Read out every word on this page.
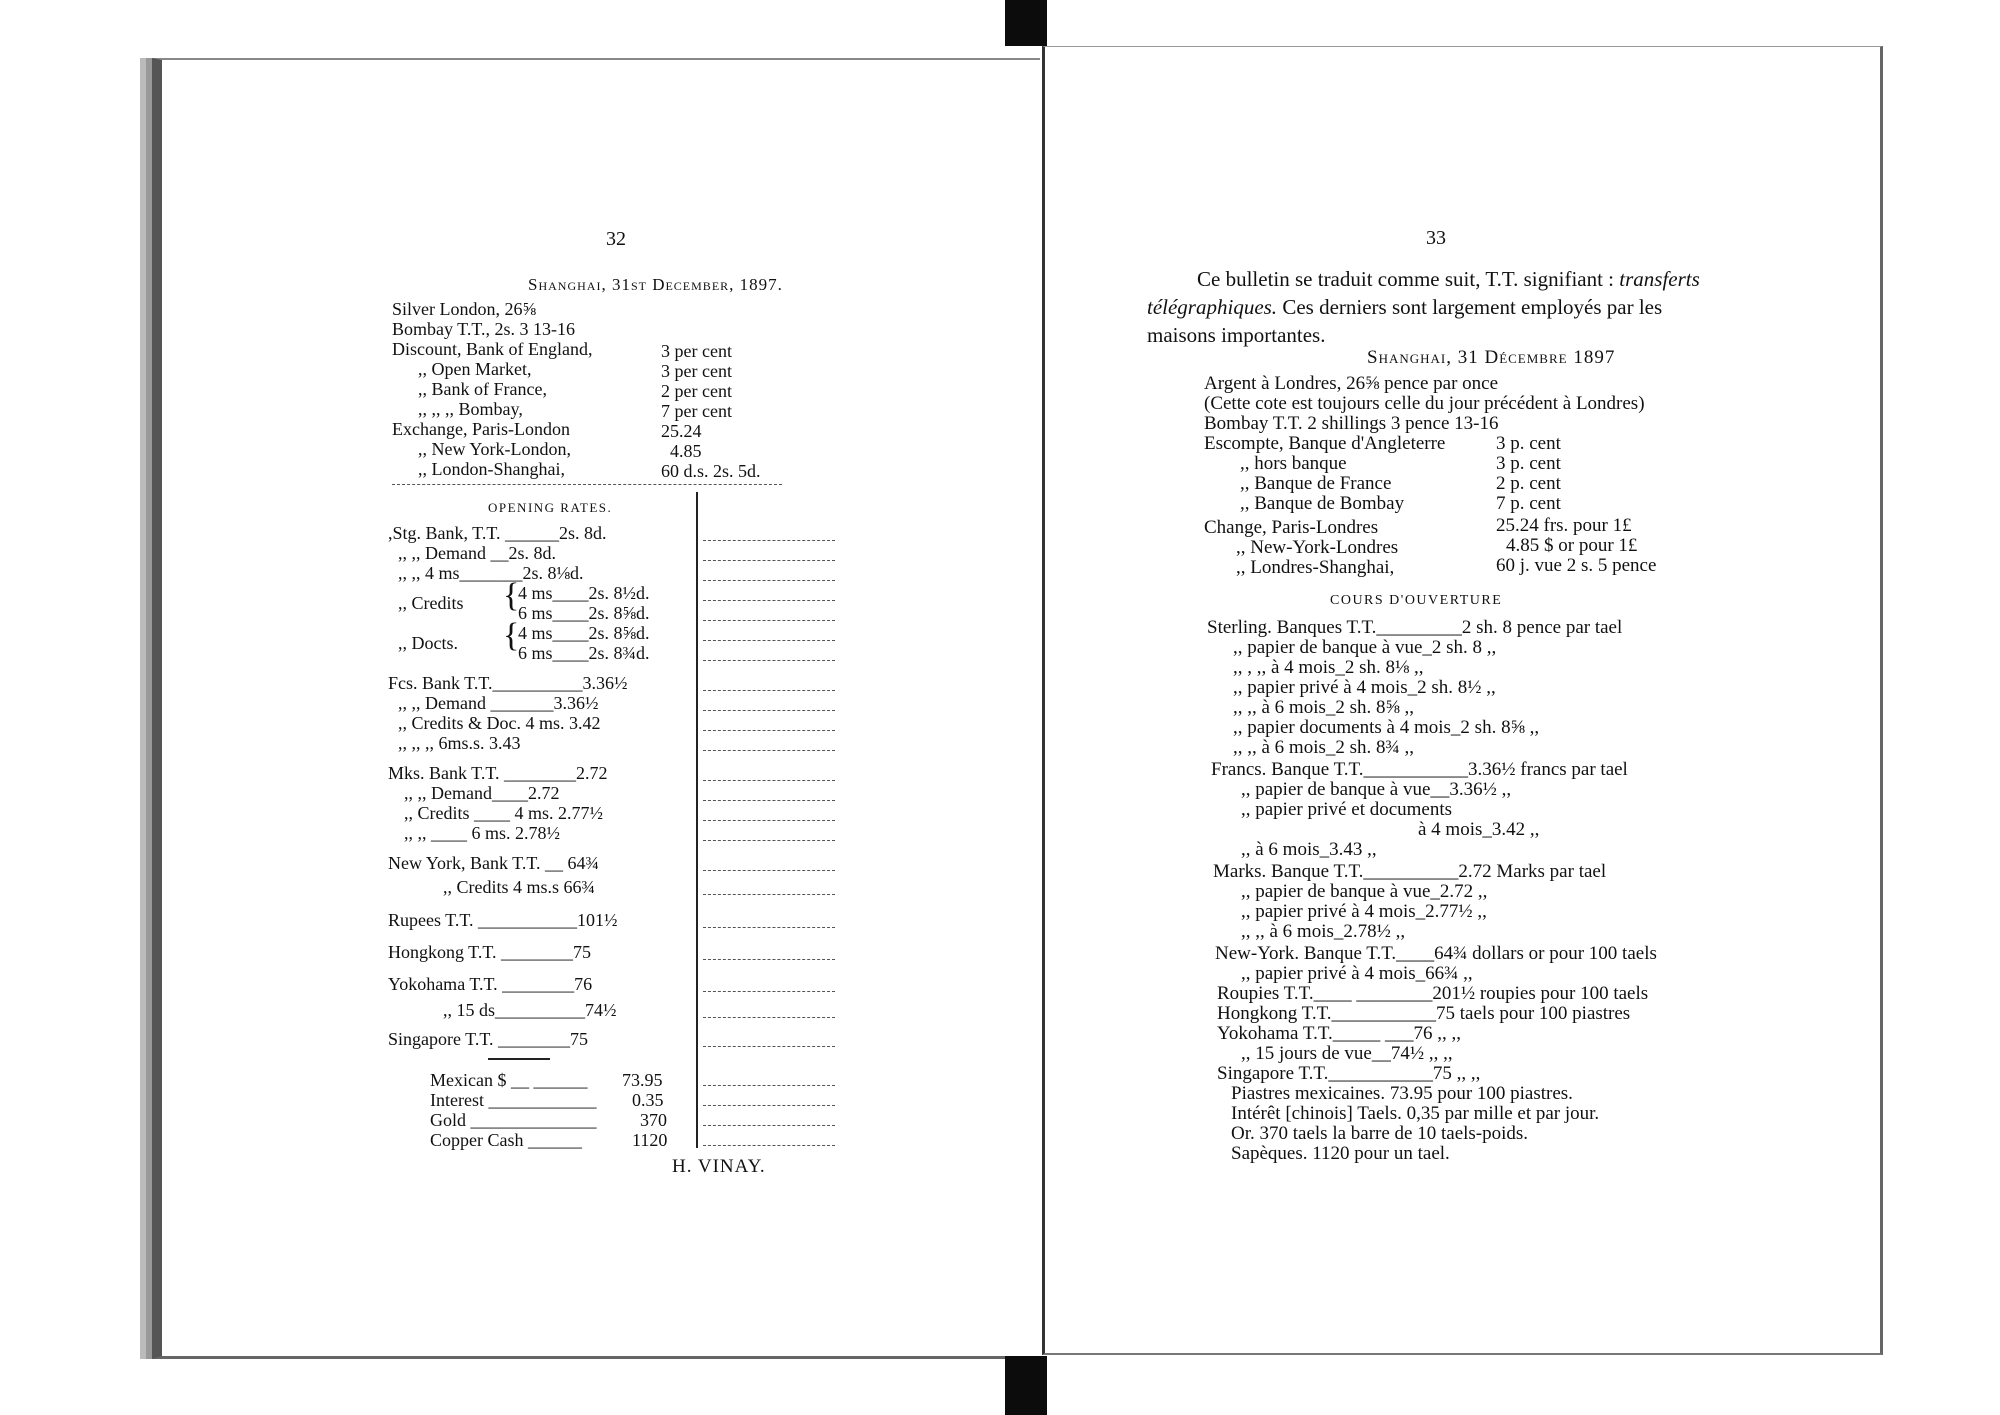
32
Shanghai, 31st December, 1897.
Silver London, 26⅝
Bombay T.T., 2s. 3 13-16
Discount, Bank of England,	3 per cent
,, Open Market,	3 per cent
,, Bank of France,	2 per cent
,, ,, ,, Bombay,	7 per cent
Exchange, Paris-London	25.24
,, New York-London,	4.85
,, London-Shanghai,	60 d.s. 2s. 5d.
OPENING RATES.
,Stg. Bank, T.T. ______2s. 8d.
,, ,, Demand __2s. 8d.
,, ,, 4 ms_______2s. 8⅛d.
,, Credits {
4 ms____2s. 8½d.
6 ms____2s. 8⅝d.
,, Docts. {
4 ms____2s. 8⅝d.
6 ms____2s. 8¾d.
Fcs. Bank T.T.__________3.36½
,, ,, Demand _______3.36½
,, Credits & Doc. 4 ms. 3.42
,, ,, ,, 6ms.s. 3.43
Mks. Bank T.T. ________2.72
,, ,, Demand____2.72
,, Credits ____ 4 ms. 2.77½
,, ,, ____ 6 ms. 2.78½
New York, Bank T.T. __ 64¾
,, Credits 4 ms.s 66¾
Rupees T.T. ___________101½
Hongkong T.T. ________75
Yokohama T.T. ________76
,, 15 ds__________74½
Singapore T.T. ________75
Mexican $ __ ______ 73.95
Interest ____________ 0.35
Gold ______________ 370
Copper Cash ______	1120
H. VINAY.
33
Ce bulletin se traduit comme suit, T.T. signifiant : transferts
télégraphiques. Ces derniers sont largement employés par les
maisons importantes.
Shanghai, 31 Décembre 1897
Argent à Londres, 26⅝ pence par once
(Cette cote est toujours celle du jour précédent à Londres)
Bombay T.T. 2 shillings 3 pence 13-16
Escompte, Banque d'Angleterre	3 p. cent
,, hors banque	3 p. cent
,, Banque de France	2 p. cent
,, Banque de Bombay	7 p. cent
Change, Paris-Londres	25.24 frs. pour 1£
,, New-York-Londres	4.85 $ or pour 1£
,, Londres-Shanghai,	60 j. vue 2 s. 5 pence
COURS D'OUVERTURE
Sterling. Banques T.T._________2 sh. 8 pence par tael
,, papier de banque à vue_2 sh. 8 ,,
,, , ,, à 4 mois_2 sh. 8⅛ ,,
,, papier privé à 4 mois_2 sh. 8½ ,,
,, ,, à 6 mois_2 sh. 8⅝ ,,
,, papier documents à 4 mois_2 sh. 8⅝ ,,
,, ,, à 6 mois_2 sh. 8¾ ,,
Francs. Banque T.T.___________3.36½ francs par tael
,, papier de banque à vue__3.36½ ,,
,, papier privé et documents
à 4 mois_3.42 ,,
,, à 6 mois_3.43 ,,
Marks. Banque T.T.__________2.72 Marks par tael
,, papier de banque à vue_2.72 ,,
,, papier privé à 4 mois_2.77½ ,,
,, ,, à 6 mois_2.78½ ,,
New-York. Banque T.T.____64¾ dollars or pour 100 taels
,, papier privé à 4 mois_66¾ ,,
Roupies T.T.____ ________201½ roupies pour 100 taels
Hongkong T.T.___________75 taels pour 100 piastres
Yokohama T.T._____ ___76 ,, ,,
,, 15 jours de vue__74½ ,, ,,
Singapore T.T.___________75 ,, ,,
Piastres mexicaines. 73.95 pour 100 piastres.
Intérêt [chinois] Taels. 0,35 par mille et par jour.
Or. 370 taels la barre de 10 taels-poids.
Sapèques. 1120 pour un tael.
